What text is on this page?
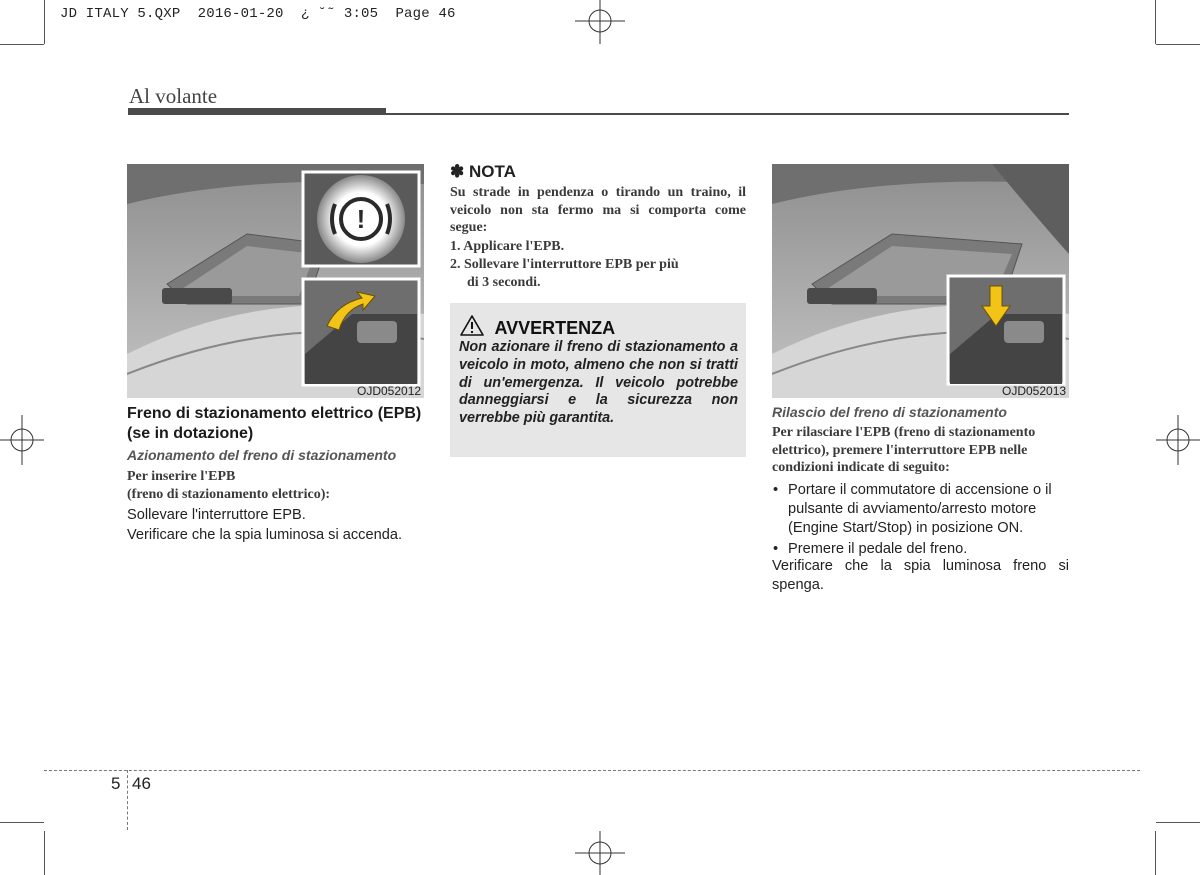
JD ITALY 5.QXP  2016-01-20  ¿ ˘˜ 3:05  Page 46
Al volante
!
OJD052012
Freno di stazionamento elettrico (EPB) (se in dotazione)
Azionamento del freno di stazionamento
Per inserire l'EPB
(freno di stazionamento elettrico):
Sollevare l'interruttore EPB.
Verificare che la spia luminosa si accenda.
✽ NOTA
Su strade in pendenza o tirando un traino, il veicolo non sta fermo ma si comporta come segue:
1. Applicare l'EPB.
2. Sollevare l'interruttore EPB per più
di 3 secondi.
AVVERTENZA
Non azionare il freno di stazionamento a veicolo in moto, almeno che non si tratti di un'emergenza. Il veicolo potrebbe danneggiarsi e la sicurezza non verrebbe più garantita.
OJD052013
Rilascio del freno di stazionamento
Per rilasciare l'EPB (freno di stazionamento elettrico), premere l'interruttore EPB nelle condizioni indicate di seguito:
• Portare il commutatore di accensione o il pulsante di avviamento/arresto motore (Engine Start/Stop) in posizione ON.
• Premere il pedale del freno.
Verificare che la spia luminosa freno si spenga.
5 46
